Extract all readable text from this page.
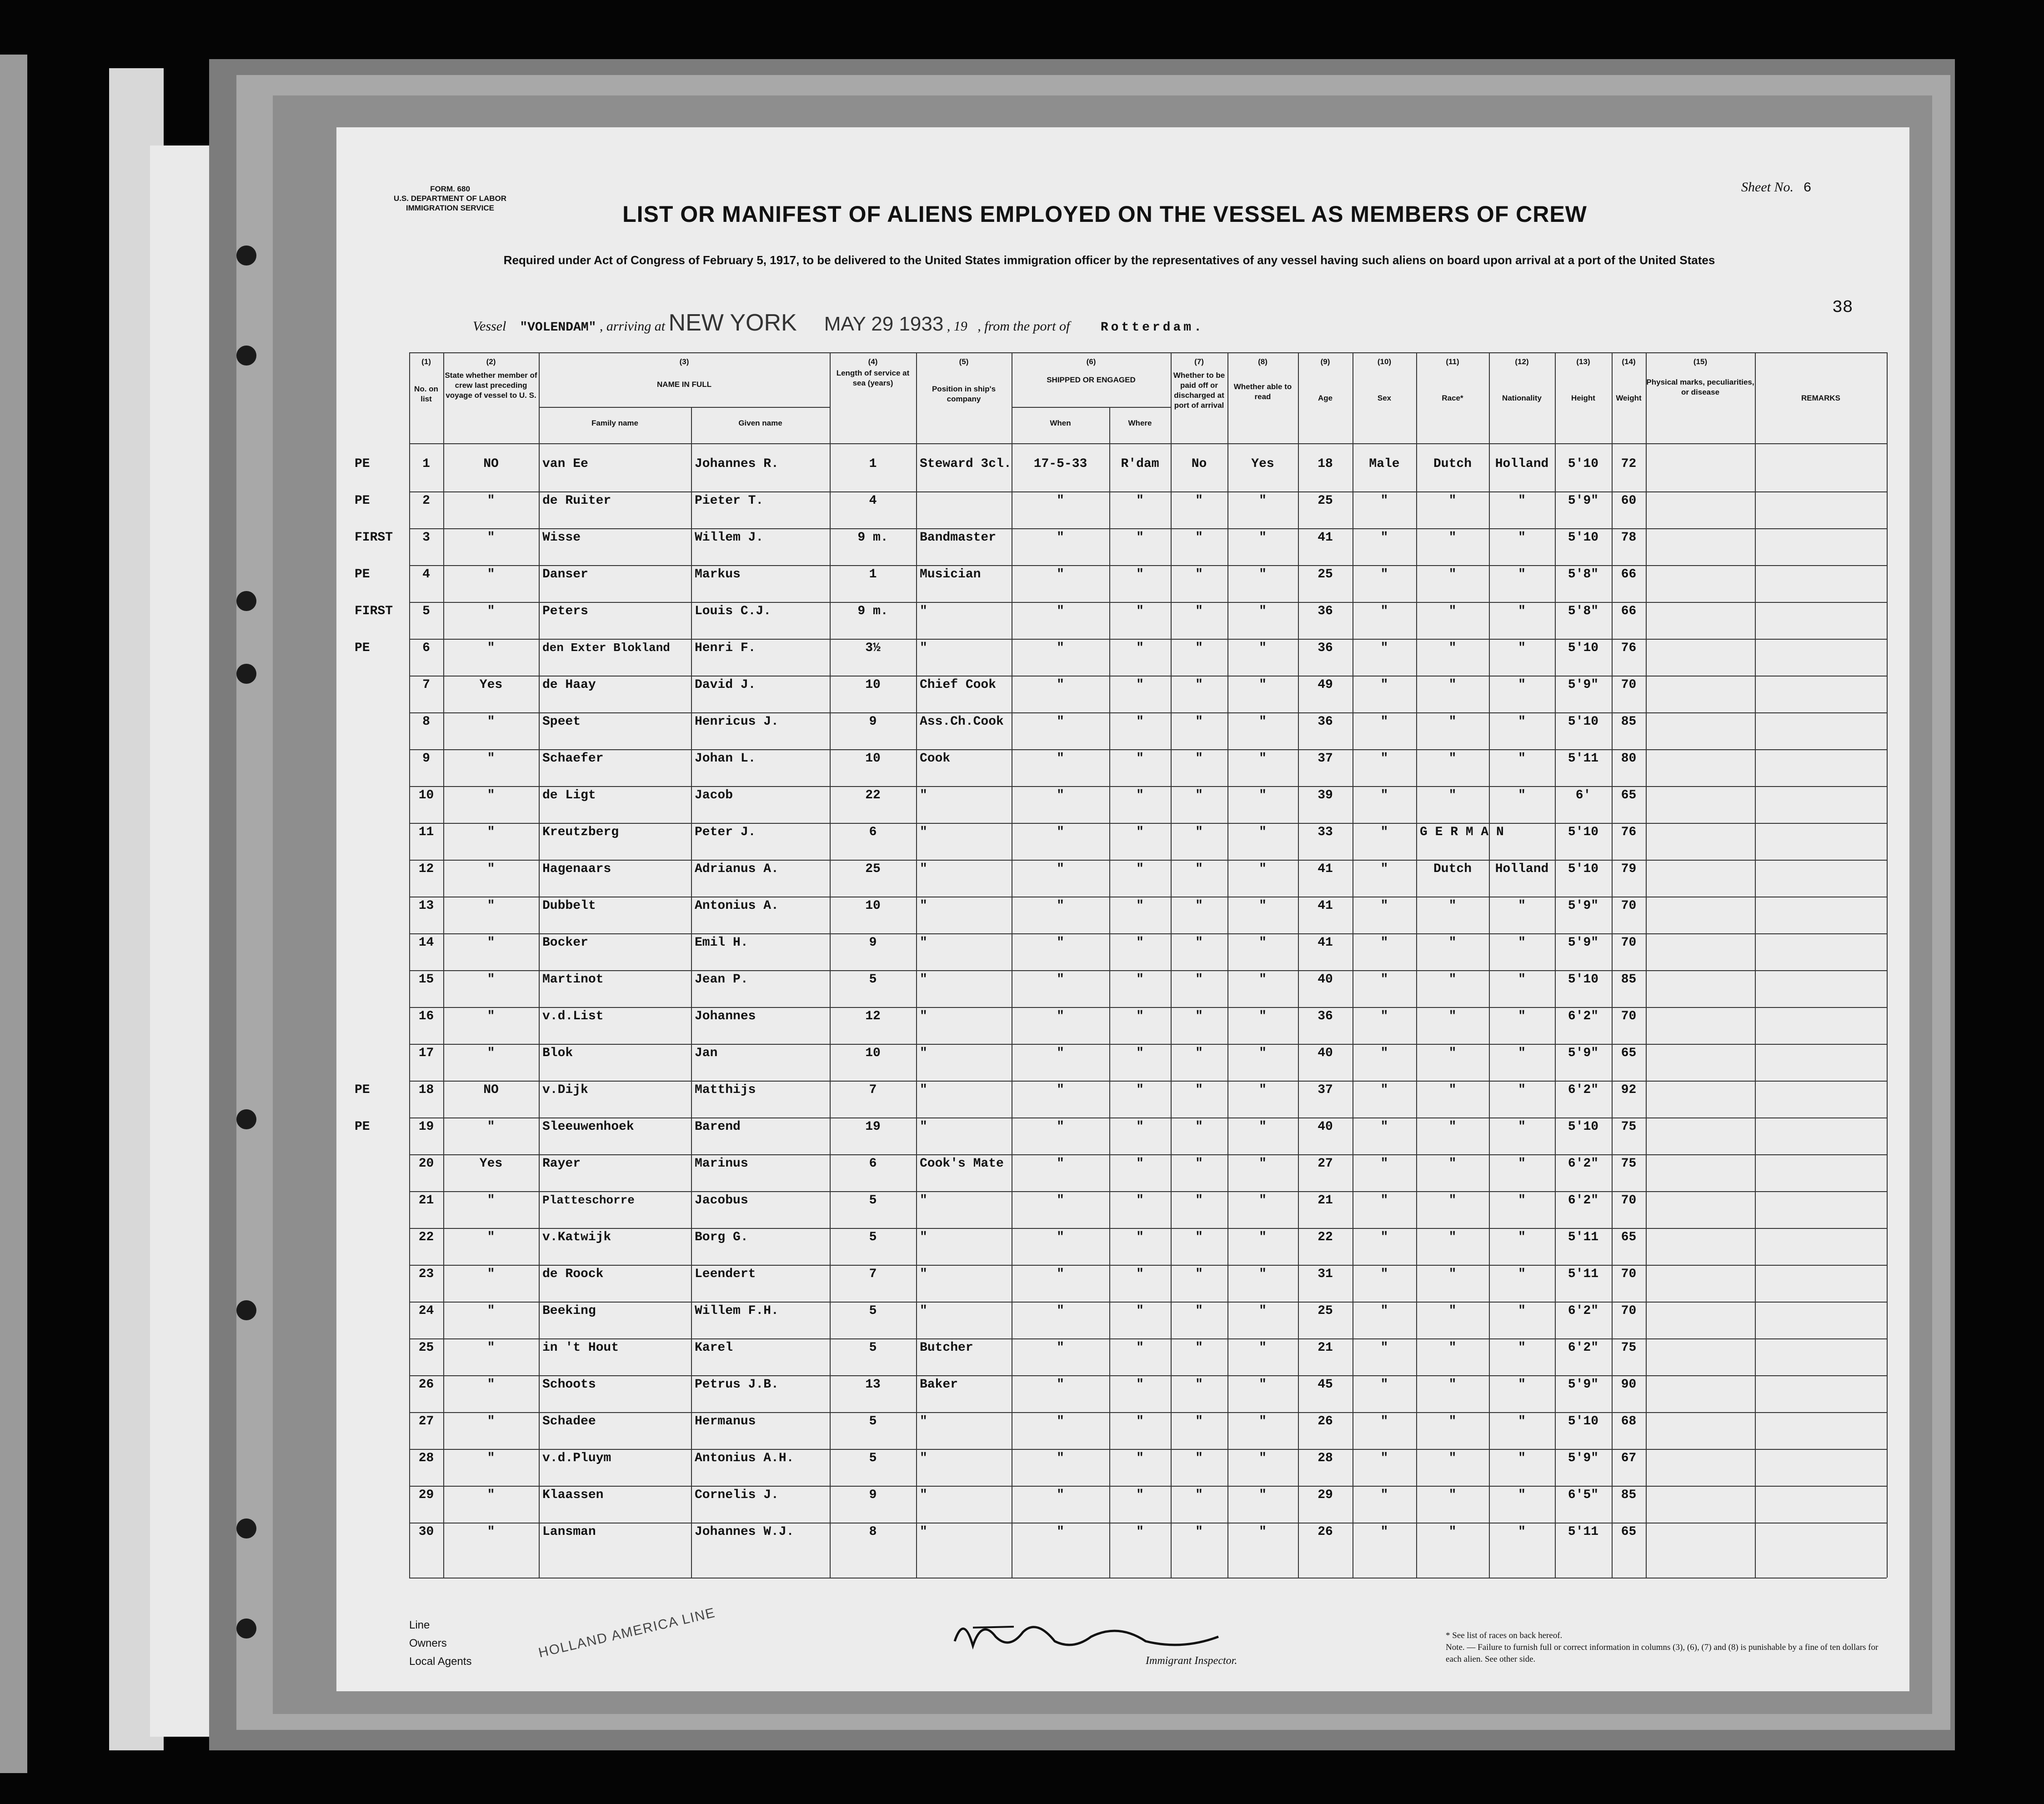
FORM. 680
U.S. DEPARTMENT OF LABOR
IMMIGRATION SERVICE	LIST OR MANIFEST OF ALIENS EMPLOYED ON THE VESSEL AS MEMBERS OF CREW
Required under Act of Congress of February 5, 1917, to be delivered to the United States immigration officer by the representatives of any vessel having such aliens on board upon arrival at a port of the United States
Sheet No. 6
38
Vessel "VOLENDAM" , arriving at NEW YORK MAY 29 1933 , 19 , from the port of Rotterdam.
(1)
No. on list
(2)
State whether member of crew last preceding voyage of vessel to U. S.
(3)
NAME IN FULL
Family name	Given name
(4)
Length of service at sea (years)
(5)
Position in ship's company
(6)
SHIPPED OR ENGAGED
When	Where
(7)
Whether to be paid off or discharged at port of arrival
(8)
Whether able to read
(9)
Age
(10)
Sex
(11)
Race*
(12)
Nationality
(13)
Height
(14)
Weight
(15)
Physical marks, peculiarities, or disease
REMARKS
PE	1	NO	van Ee	Johannes R.	1	Steward 3cl.	17-5-33	R'dam	No	Yes	18	Male	Dutch	Holland	5'10	72
PE	2	"	de Ruiter	Pieter T.	4	"	"	"	"	25	"	"	"	5'9"	60
FIRST	3	"	Wisse	Willem J.	9 m.	Bandmaster	"	"	"	"	41	"	"	"	5'10	78
PE	4	"	Danser	Markus	1	Musician	"	"	"	"	25	"	"	"	5'8"	66
FIRST	5	"	Peters	Louis C.J.	9 m.	"	"	"	"	"	36	"	"	"	5'8"	66
PE	6	"	den Exter Blokland	Henri F.	3½	"	"	"	"	"	36	"	"	"	5'10	76
7	Yes	de Haay	David J.	10	Chief Cook	"	"	"	"	49	"	"	"	5'9"	70
8	"	Speet	Henricus J.	9	Ass.Ch.Cook	"	"	"	"	36	"	"	"	5'10	85
9	"	Schaefer	Johan L.	10	Cook	"	"	"	"	37	"	"	"	5'11	80
10	"	de Ligt	Jacob	22	"	"	"	"	"	39	"	"	"	6'	65
11	"	Kreutzberg	Peter J.	6	"	"	"	"	"	33	"	G E R M A N	5'10	76
12	"	Hagenaars	Adrianus A.	25	"	"	"	"	"	41	"	Dutch	Holland	5'10	79
13	"	Dubbelt	Antonius A.	10	"	"	"	"	"	41	"	"	"	5'9"	70
14	"	Bocker	Emil H.	9	"	"	"	"	"	41	"	"	"	5'9"	70
15	"	Martinot	Jean P.	5	"	"	"	"	"	40	"	"	"	5'10	85
16	"	v.d.List	Johannes	12	"	"	"	"	"	36	"	"	"	6'2"	70
17	"	Blok	Jan	10	"	"	"	"	"	40	"	"	"	5'9"	65
PE	18	NO	v.Dijk	Matthijs	7	"	"	"	"	"	37	"	"	"	6'2"	92
PE	19	"	Sleeuwenhoek	Barend	19	"	"	"	"	"	40	"	"	"	5'10	75
20	Yes	Rayer	Marinus	6	Cook's Mate	"	"	"	"	27	"	"	"	6'2"	75
21	"	Platteschorre	Jacobus	5	"	"	"	"	"	21	"	"	"	6'2"	70
22	"	v.Katwijk	Borg G.	5	"	"	"	"	"	22	"	"	"	5'11	65
23	"	de Roock	Leendert	7	"	"	"	"	"	31	"	"	"	5'11	70
24	"	Beeking	Willem F.H.	5	"	"	"	"	"	25	"	"	"	6'2"	70
25	"	in 't Hout	Karel	5	Butcher	"	"	"	"	21	"	"	"	6'2"	75
26	"	Schoots	Petrus J.B.	13	Baker	"	"	"	"	45	"	"	"	5'9"	90
27	"	Schadee	Hermanus	5	"	"	"	"	"	26	"	"	"	5'10	68
28	"	v.d.Pluym	Antonius A.H.	5	"	"	"	"	"	28	"	"	"	5'9"	67
29	"	Klaassen	Cornelis J.	9	"	"	"	"	"	29	"	"	"	6'5"	85
30	"	Lansman	Johannes W.J.	8	"	"	"	"	"	26	"	"	"	5'11	65
Line
Owners
Local Agents
HOLLAND AMERICA LINE
Immigrant Inspector.
* See list of races on back hereof.
Note. — Failure to furnish full or correct information in columns (3), (6), (7) and (8) is punishable by a fine of ten dollars for each alien. See other side.
